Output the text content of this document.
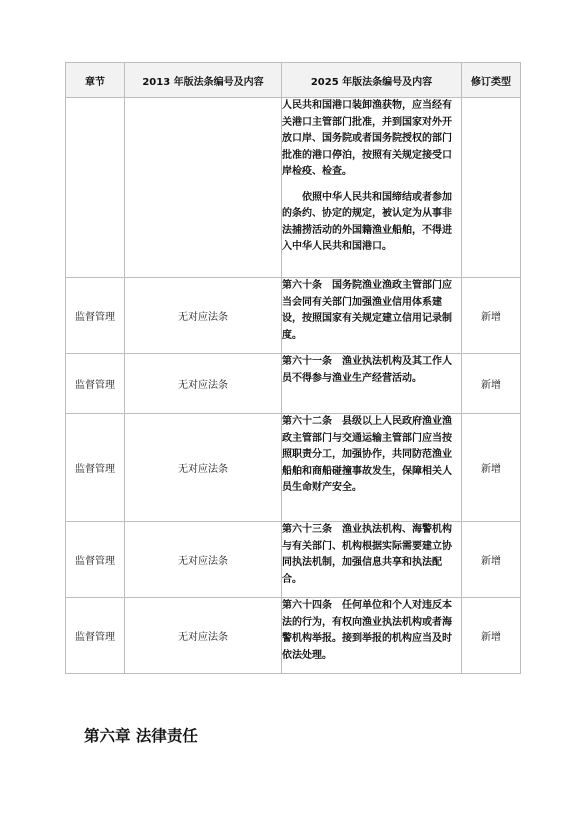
章节	2013 年版法条编号及内容	2025 年版法条编号及内容	修订类型

		人民共和国港口装卸渔获物，应当经有关港口主管部门批准，并到国家对外开放口岸、国务院或者国务院授权的部门批准的港口停泊，按照有关规定接受口岸检疫、检查。

依照中华人民共和国缔结或者参加的条约、协定的规定，被认定为从事非法捕捞活动的外国籍渔业船舶，不得进入中华人民共和国港口。	

监督管理	无对应法条	第六十条　国务院渔业渔政主管部门应当会同有关部门加强渔业信用体系建设，按照国家有关规定建立信用记录制度。	新增
监督管理	无对应法条	第六十一条　渔业执法机构及其工作人员不得参与渔业生产经营活动。	新增
监督管理	无对应法条	第六十二条　县级以上人民政府渔业渔政主管部门与交通运输主管部门应当按照职责分工，加强协作，共同防范渔业船舶和商船碰撞事故发生，保障相关人员生命财产安全。	新增
监督管理	无对应法条	第六十三条　渔业执法机构、海警机构与有关部门、机构根据实际需要建立协同执法机制，加强信息共享和执法配合。	新增
监督管理	无对应法条	第六十四条　任何单位和个人对违反本法的行为，有权向渔业执法机构或者海警机构举报。接到举报的机构应当及时依法处理。	新增
第六章 法律责任
